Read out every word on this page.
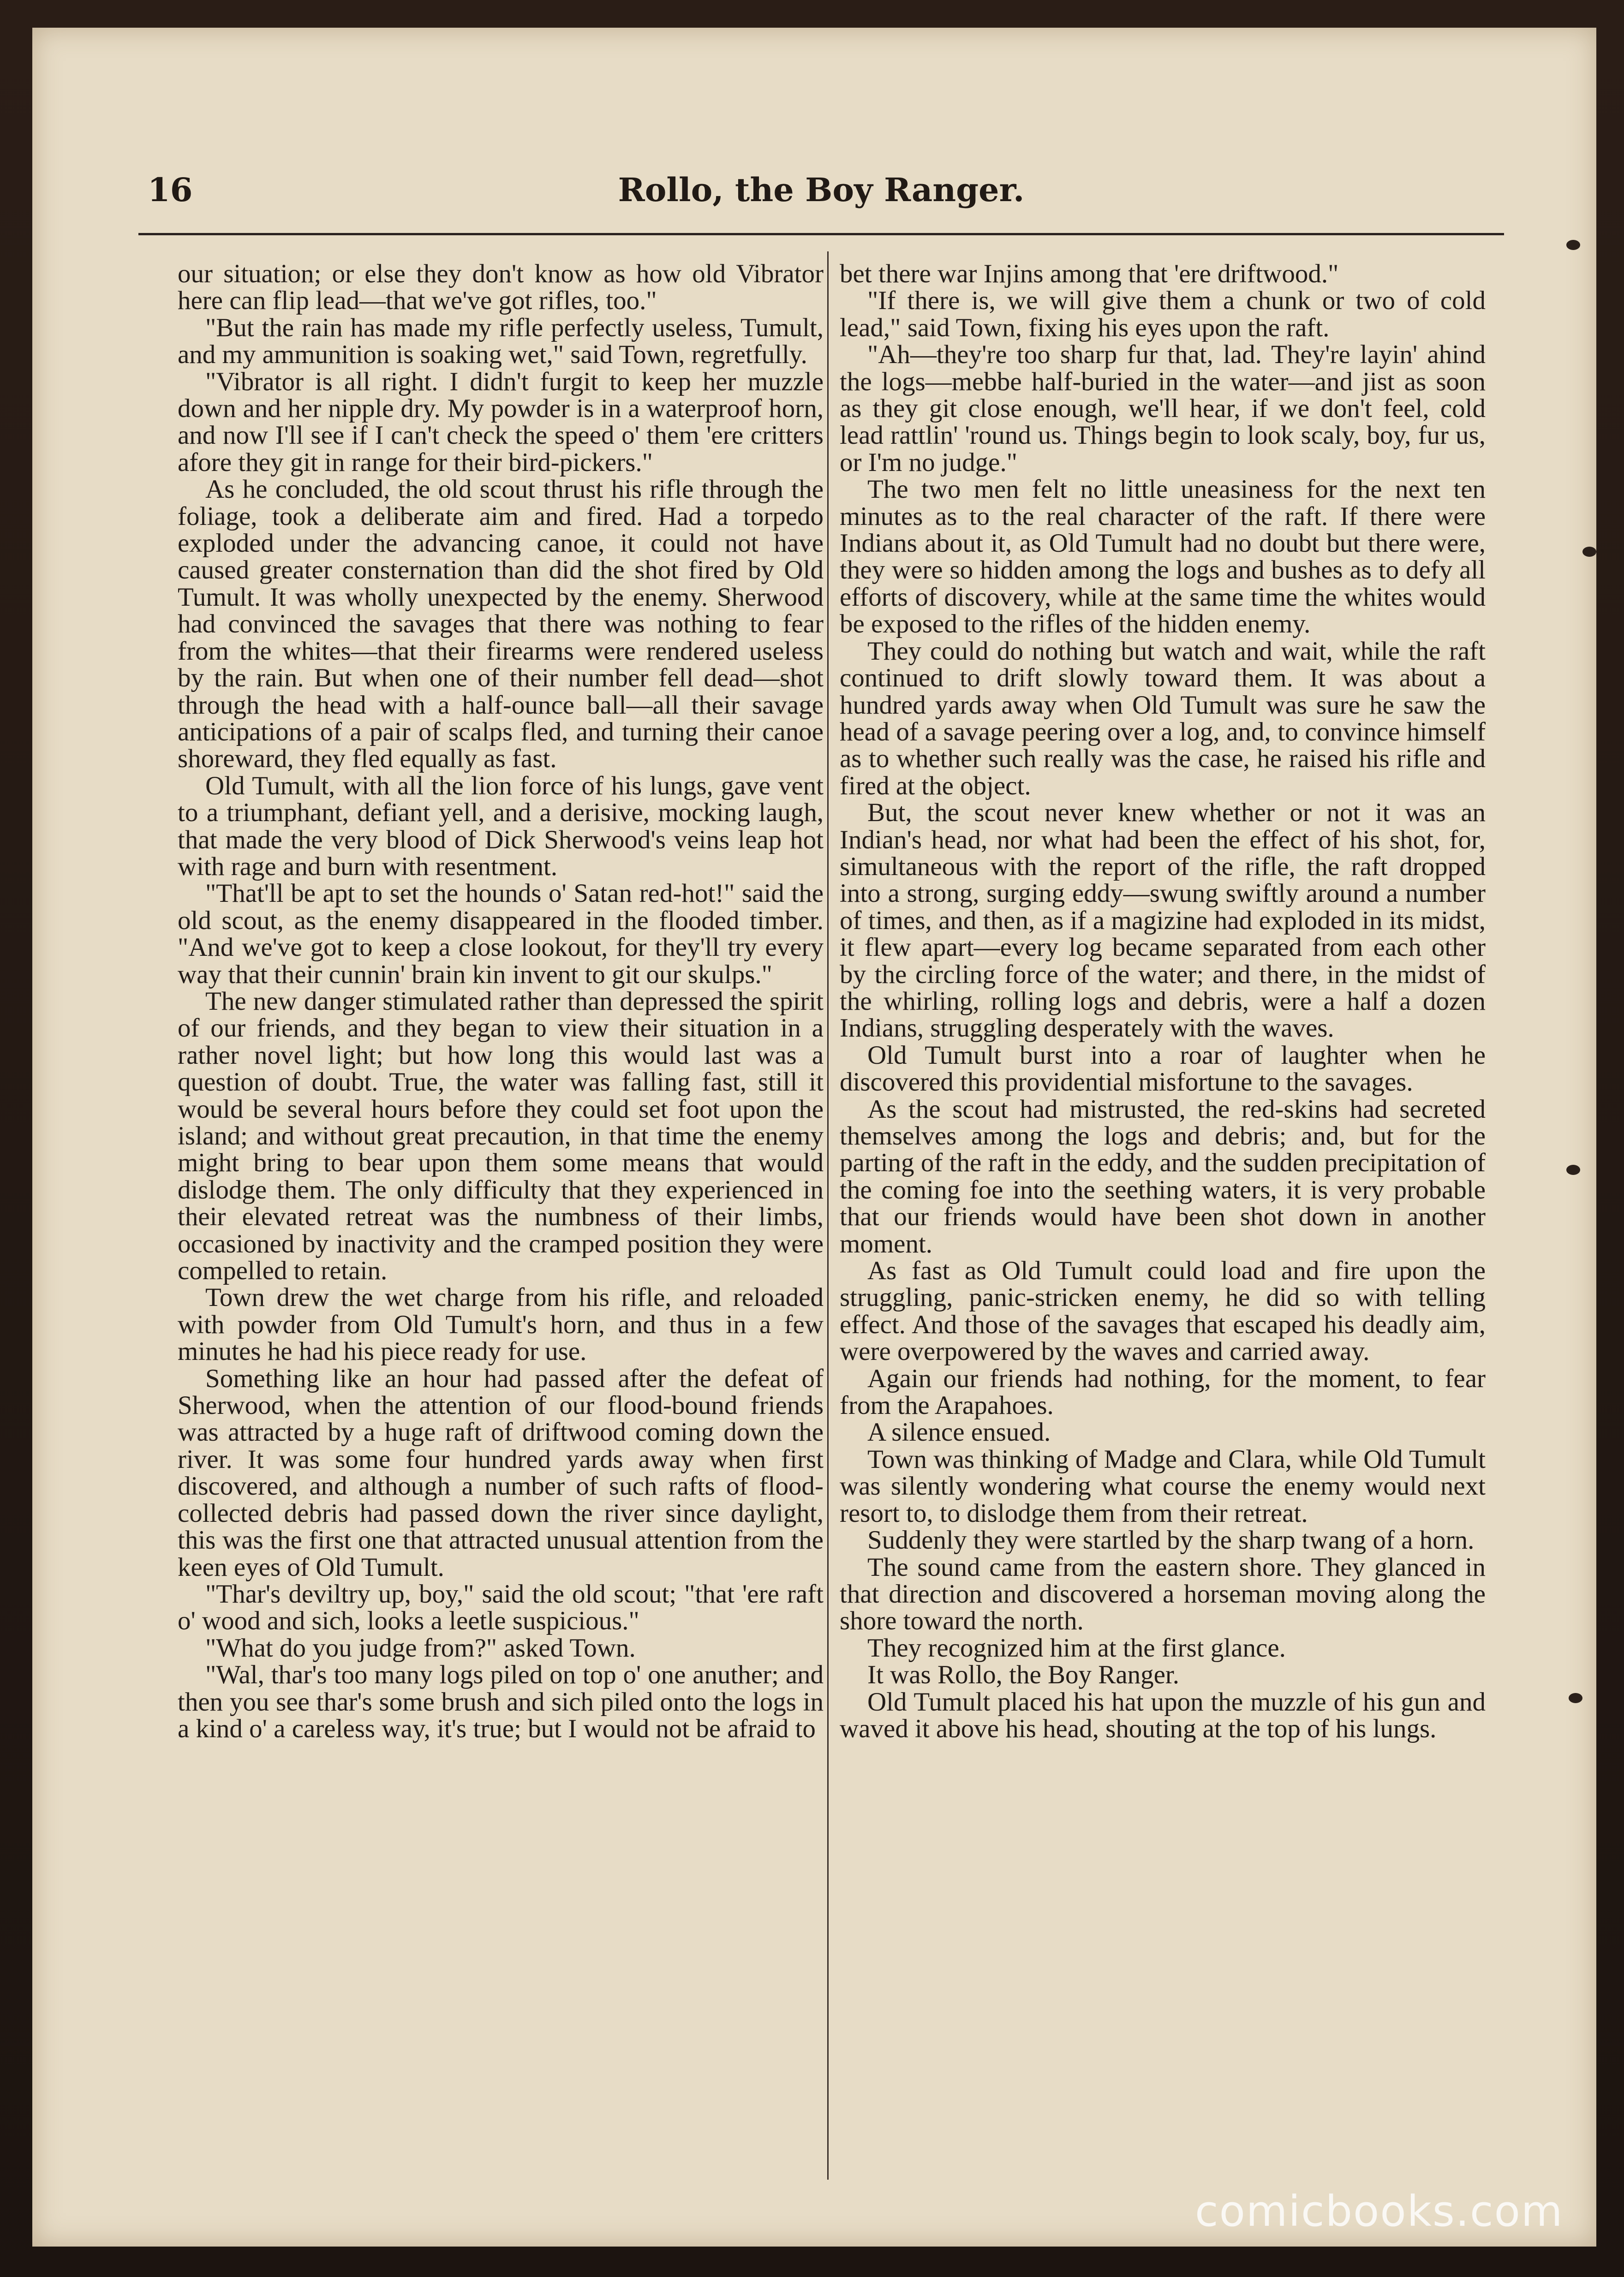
16	Rollo, the Boy Ranger.

our situation; or else they don't know as how old Vibrator here can flip lead—that we've got rifles, too."

"But the rain has made my rifle perfectly useless, Tumult, and my ammunition is soaking wet," said Town, regretfully.

"Vibrator is all right. I didn't furgit to keep her muzzle down and her nipple dry. My powder is in a waterproof horn, and now I'll see if I can't check the speed o' them 'ere critters afore they git in range for their bird-pickers."

As he concluded, the old scout thrust his rifle through the foliage, took a deliberate aim and fired. Had a torpedo exploded under the advancing canoe, it could not have caused greater consternation than did the shot fired by Old Tumult. It was wholly unexpected by the enemy. Sherwood had convinced the savages that there was nothing to fear from the whites—that their firearms were rendered useless by the rain. But when one of their number fell dead—shot through the head with a half-ounce ball—all their savage anticipations of a pair of scalps fled, and turning their canoe shoreward, they fled equally as fast.

Old Tumult, with all the lion force of his lungs, gave vent to a triumphant, defiant yell, and a derisive, mocking laugh, that made the very blood of Dick Sherwood's veins leap hot with rage and burn with resentment.

"That'll be apt to set the hounds o' Satan red-hot!" said the old scout, as the enemy disappeared in the flooded timber. "And we've got to keep a close lookout, for they'll try every way that their cunnin' brain kin invent to git our skulps."

The new danger stimulated rather than depressed the spirit of our friends, and they began to view their situation in a rather novel light; but how long this would last was a question of doubt. True, the water was falling fast, still it would be several hours before they could set foot upon the island; and without great precaution, in that time the enemy might bring to bear upon them some means that would dislodge them. The only difficulty that they experienced in their elevated retreat was the numbness of their limbs, occasioned by inactivity and the cramped position they were compelled to retain.

Town drew the wet charge from his rifle, and reloaded with powder from Old Tumult's horn, and thus in a few minutes he had his piece ready for use.

Something like an hour had passed after the defeat of Sherwood, when the attention of our flood-bound friends was attracted by a huge raft of driftwood coming down the river. It was some four hundred yards away when first discovered, and although a number of such rafts of flood-collected debris had passed down the river since daylight, this was the first one that attracted unusual attention from the keen eyes of Old Tumult.

"Thar's deviltry up, boy," said the old scout; "that 'ere raft o' wood and sich, looks a leetle suspicious."

"What do you judge from?" asked Town.

"Wal, thar's too many logs piled on top o' one anuther; and then you see thar's some brush and sich piled onto the logs in a kind o' a careless way, it's true; but I would not be afraid to

bet there war Injins among that 'ere driftwood."

"If there is, we will give them a chunk or two of cold lead," said Town, fixing his eyes upon the raft.

"Ah—they're too sharp fur that, lad. They're layin' ahind the logs—mebbe half-buried in the water—and jist as soon as they git close enough, we'll hear, if we don't feel, cold lead rattlin' 'round us. Things begin to look scaly, boy, fur us, or I'm no judge."

The two men felt no little uneasiness for the next ten minutes as to the real character of the raft. If there were Indians about it, as Old Tumult had no doubt but there were, they were so hidden among the logs and bushes as to defy all efforts of discovery, while at the same time the whites would be exposed to the rifles of the hidden enemy.

They could do nothing but watch and wait, while the raft continued to drift slowly toward them. It was about a hundred yards away when Old Tumult was sure he saw the head of a savage peering over a log, and, to convince himself as to whether such really was the case, he raised his rifle and fired at the object.

But, the scout never knew whether or not it was an Indian's head, nor what had been the effect of his shot, for, simultaneous with the report of the rifle, the raft dropped into a strong, surging eddy—swung swiftly around a number of times, and then, as if a magizine had exploded in its midst, it flew apart—every log became separated from each other by the circling force of the water; and there, in the midst of the whirling, rolling logs and debris, were a half a dozen Indians, struggling desperately with the waves.

Old Tumult burst into a roar of laughter when he discovered this providential misfortune to the savages.

As the scout had mistrusted, the red-skins had secreted themselves among the logs and debris; and, but for the parting of the raft in the eddy, and the sudden precipitation of the coming foe into the seething waters, it is very probable that our friends would have been shot down in another moment.

As fast as Old Tumult could load and fire upon the struggling, panic-stricken enemy, he did so with telling effect. And those of the savages that escaped his deadly aim, were overpowered by the waves and carried away.

Again our friends had nothing, for the moment, to fear from the Arapahoes.

A silence ensued.

Town was thinking of Madge and Clara, while Old Tumult was silently wondering what course the enemy would next resort to, to dislodge them from their retreat.

Suddenly they were startled by the sharp twang of a horn.

The sound came from the eastern shore. They glanced in that direction and discovered a horseman moving along the shore toward the north.

They recognized him at the first glance.

It was Rollo, the Boy Ranger.

Old Tumult placed his hat upon the muzzle of his gun and waved it above his head, shouting at the top of his lungs.

comicbooks.com
